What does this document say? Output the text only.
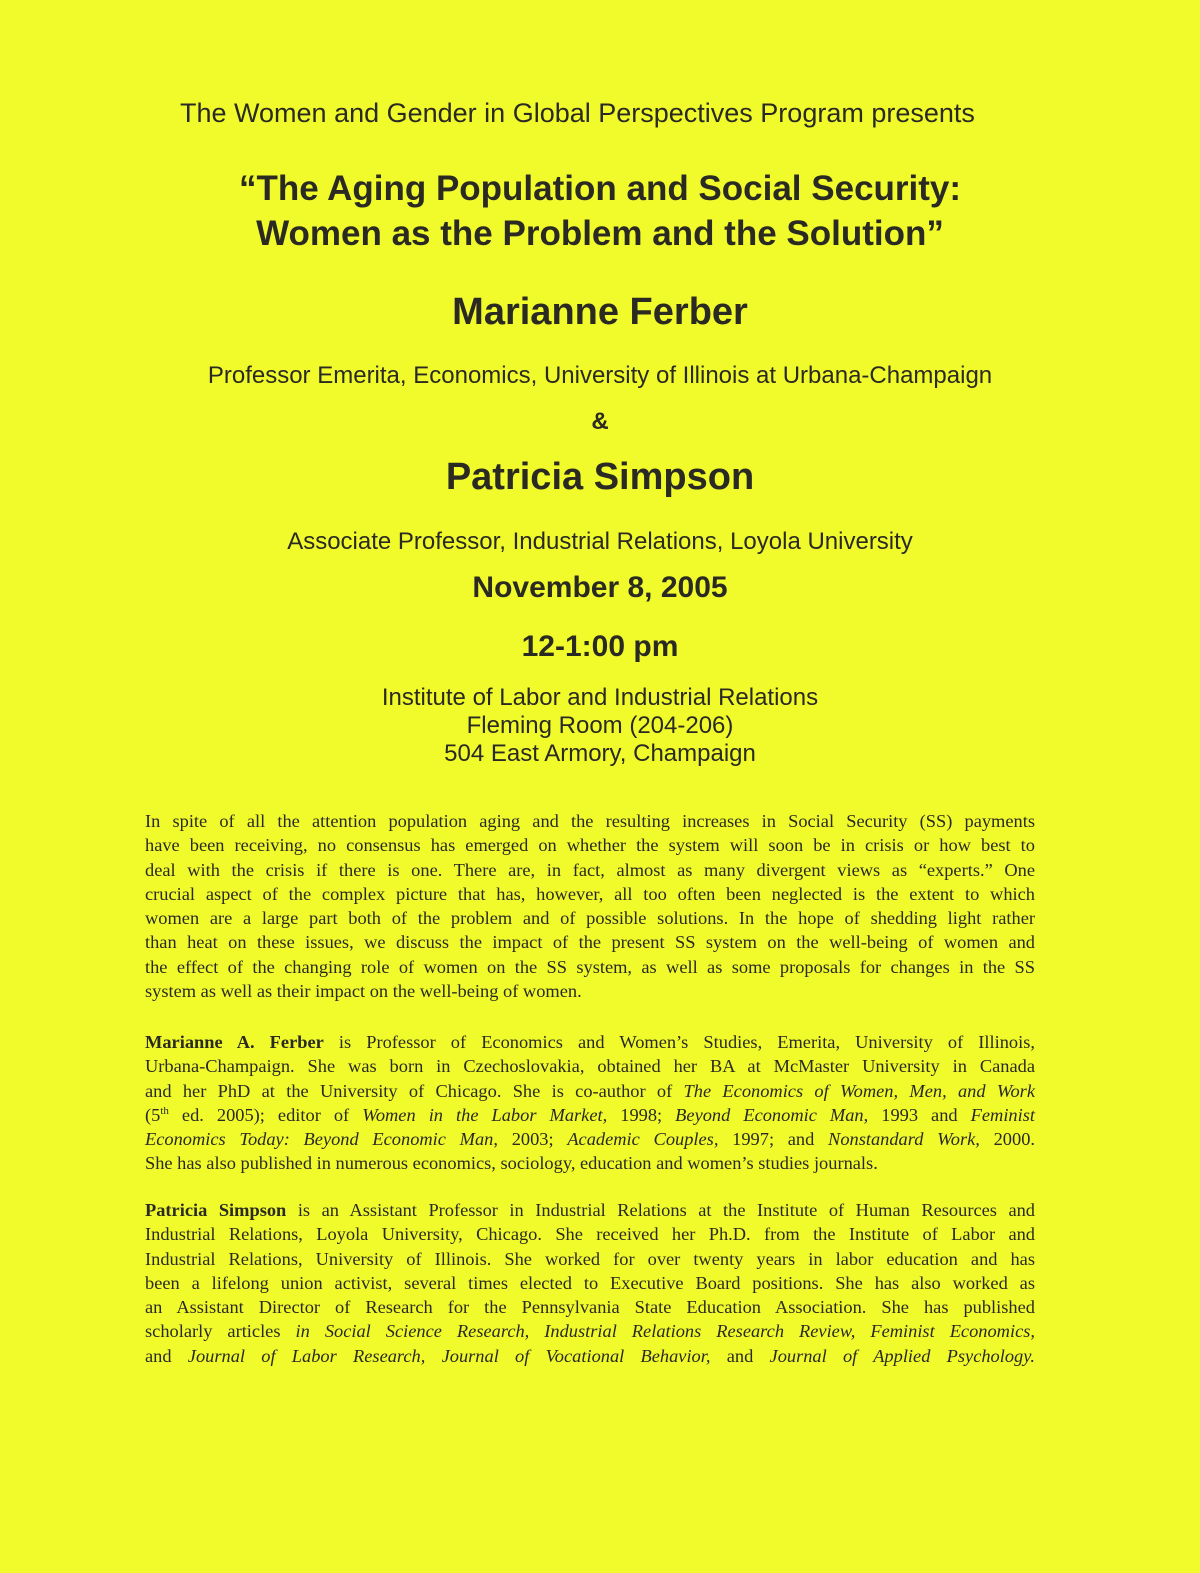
The Women and Gender in Global Perspectives Program presents
“The Aging Population and Social Security:
Women as the Problem and the Solution”
Marianne Ferber
Professor Emerita, Economics, University of Illinois at Urbana-Champaign
&
Patricia Simpson
Associate Professor, Industrial Relations, Loyola University
November 8, 2005
12-1:00 pm
Institute of Labor and Industrial Relations
Fleming Room (204-206)
504 East Armory, Champaign
In spite of all the attention population aging and the resulting increases in Social Security (SS) payments
have been receiving, no consensus has emerged on whether the system will soon be in crisis or how best to
deal with the crisis if there is one. There are, in fact, almost as many divergent views as “experts.” One
crucial aspect of the complex picture that has, however, all too often been neglected is the extent to which
women are a large part both of the problem and of possible solutions. In the hope of shedding light rather
than heat on these issues, we discuss the impact of the present SS system on the well-being of women and
the effect of the changing role of women on the SS system, as well as some proposals for changes in the SS
system as well as their impact on the well-being of women.
Marianne A. Ferber is Professor of Economics and Women’s Studies, Emerita, University of Illinois,
Urbana-Champaign. She was born in Czechoslovakia, obtained her BA at McMaster University in Canada
and her PhD at the University of Chicago. She is co-author of The Economics of Women, Men, and Work
(5th ed. 2005); editor of Women in the Labor Market, 1998; Beyond Economic Man, 1993 and Feminist
Economics Today: Beyond Economic Man, 2003; Academic Couples, 1997; and Nonstandard Work, 2000.
She has also published in numerous economics, sociology, education and women’s studies journals.
Patricia Simpson is an Assistant Professor in Industrial Relations at the Institute of Human Resources and
Industrial Relations, Loyola University, Chicago. She received her Ph.D. from the Institute of Labor and
Industrial Relations, University of Illinois. She worked for over twenty years in labor education and has
been a lifelong union activist, several times elected to Executive Board positions. She has also worked as
an Assistant Director of Research for the Pennsylvania State Education Association. She has published
scholarly articles in Social Science Research, Industrial Relations Research Review, Feminist Economics,
and Journal of Labor Research, Journal of Vocational Behavior, and Journal of Applied Psychology.
